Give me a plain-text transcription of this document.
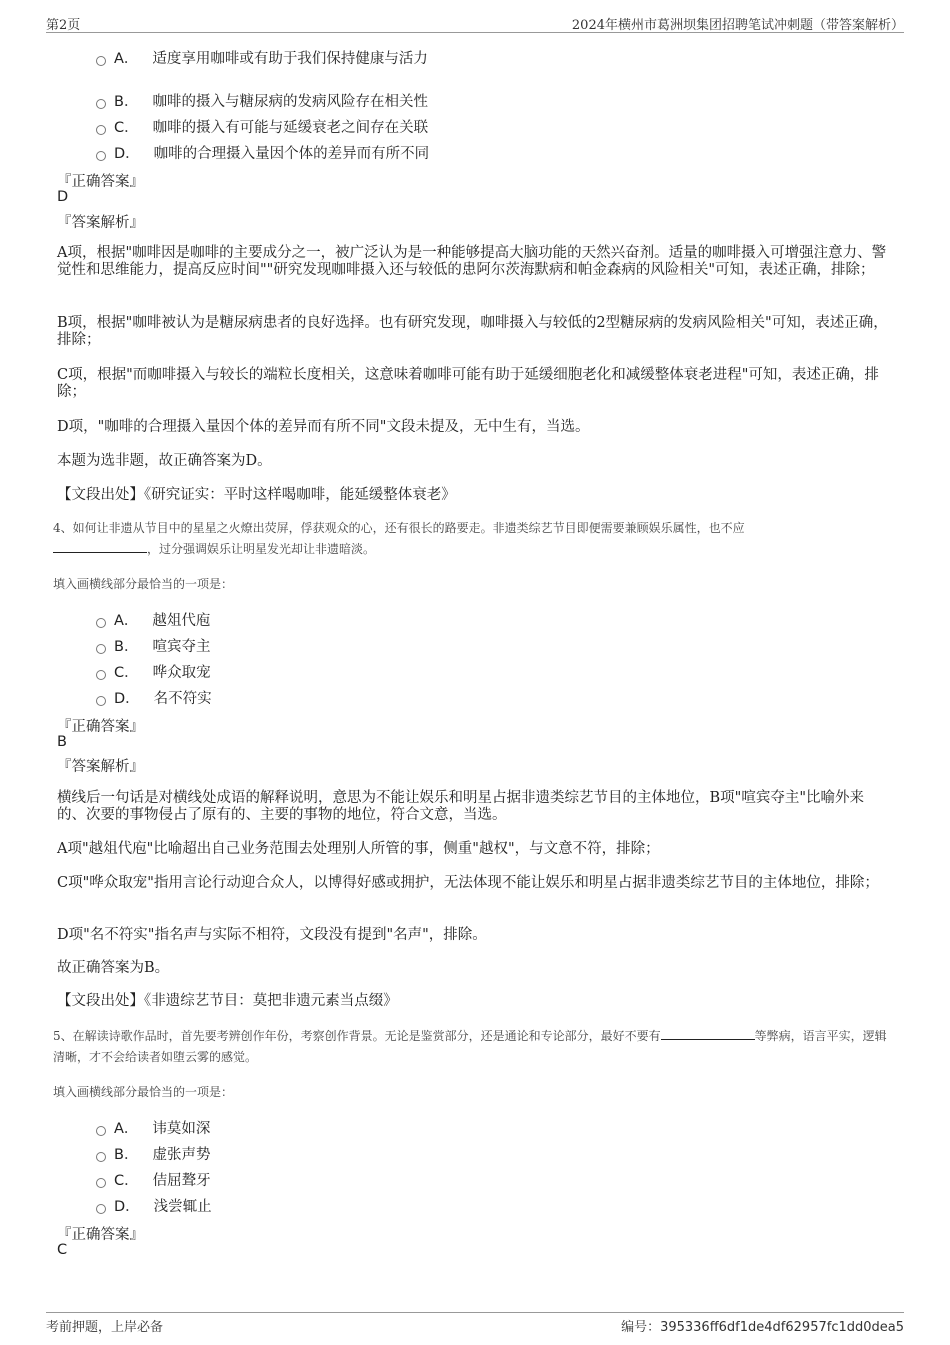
第2页	2024年横州市葛洲坝集团招聘笔试冲刺题（带答案解析）
A． 适度享用咖啡或有助于我们保持健康与活力
B． 咖啡的摄入与糖尿病的发病风险存在相关性
C． 咖啡的摄入有可能与延缓衰老之间存在关联
D． 咖啡的合理摄入量因个体的差异而有所不同
『正确答案』
D
『答案解析』
A项，根据"咖啡因是咖啡的主要成分之一，被广泛认为是一种能够提高大脑功能的天然兴奋剂。适量的咖啡摄入可增强注意力、警觉性和思维能力，提高反应时间""研究发现咖啡摄入还与较低的患阿尔茨海默病和帕金森病的风险相关"可知，表述正确，排除；
B项，根据"咖啡被认为是糖尿病患者的良好选择。也有研究发现，咖啡摄入与较低的2型糖尿病的发病风险相关"可知，表述正确，排除；
C项，根据"而咖啡摄入与较长的端粒长度相关，这意味着咖啡可能有助于延缓细胞老化和减缓整体衰老进程"可知，表述正确，排除；
D项，"咖啡的合理摄入量因个体的差异而有所不同"文段未提及，无中生有，当选。
本题为选非题，故正确答案为D。
【文段出处】《研究证实：平时这样喝咖啡，能延缓整体衰老》
4、如何让非遗从节目中的星星之火燎出荧屏，俘获观众的心，还有很长的路要走。非遗类综艺节目即便需要兼顾娱乐属性，也不应
，过分强调娱乐让明星发光却让非遗暗淡。
填入画横线部分最恰当的一项是：
A． 越俎代庖
B． 喧宾夺主
C． 哗众取宠
D． 名不符实
『正确答案』
B
『答案解析』
横线后一句话是对横线处成语的解释说明，意思为不能让娱乐和明星占据非遗类综艺节目的主体地位，B项"喧宾夺主"比喻外来的、次要的事物侵占了原有的、主要的事物的地位，符合文意，当选。
A项"越俎代庖"比喻超出自己业务范围去处理别人所管的事，侧重"越权"，与文意不符，排除；
C项"哗众取宠"指用言论行动迎合众人，以博得好感或拥护，无法体现不能让娱乐和明星占据非遗类综艺节目的主体地位，排除；
D项"名不符实"指名声与实际不相符，文段没有提到"名声"，排除。
故正确答案为B。
【文段出处】《非遗综艺节目：莫把非遗元素当点缀》
5、在解读诗歌作品时，首先要考辨创作年份，考察创作背景。无论是鉴赏部分，还是通论和专论部分，最好不要有	等弊病，语言平实，逻辑清晰，才不会给读者如堕云雾的感觉。
填入画横线部分最恰当的一项是：
A． 讳莫如深
B． 虚张声势
C． 佶屈聱牙
D． 浅尝辄止
『正确答案』
C
考前押题，上岸必备	编号：395336ff6df1de4df62957fc1dd0dea5
